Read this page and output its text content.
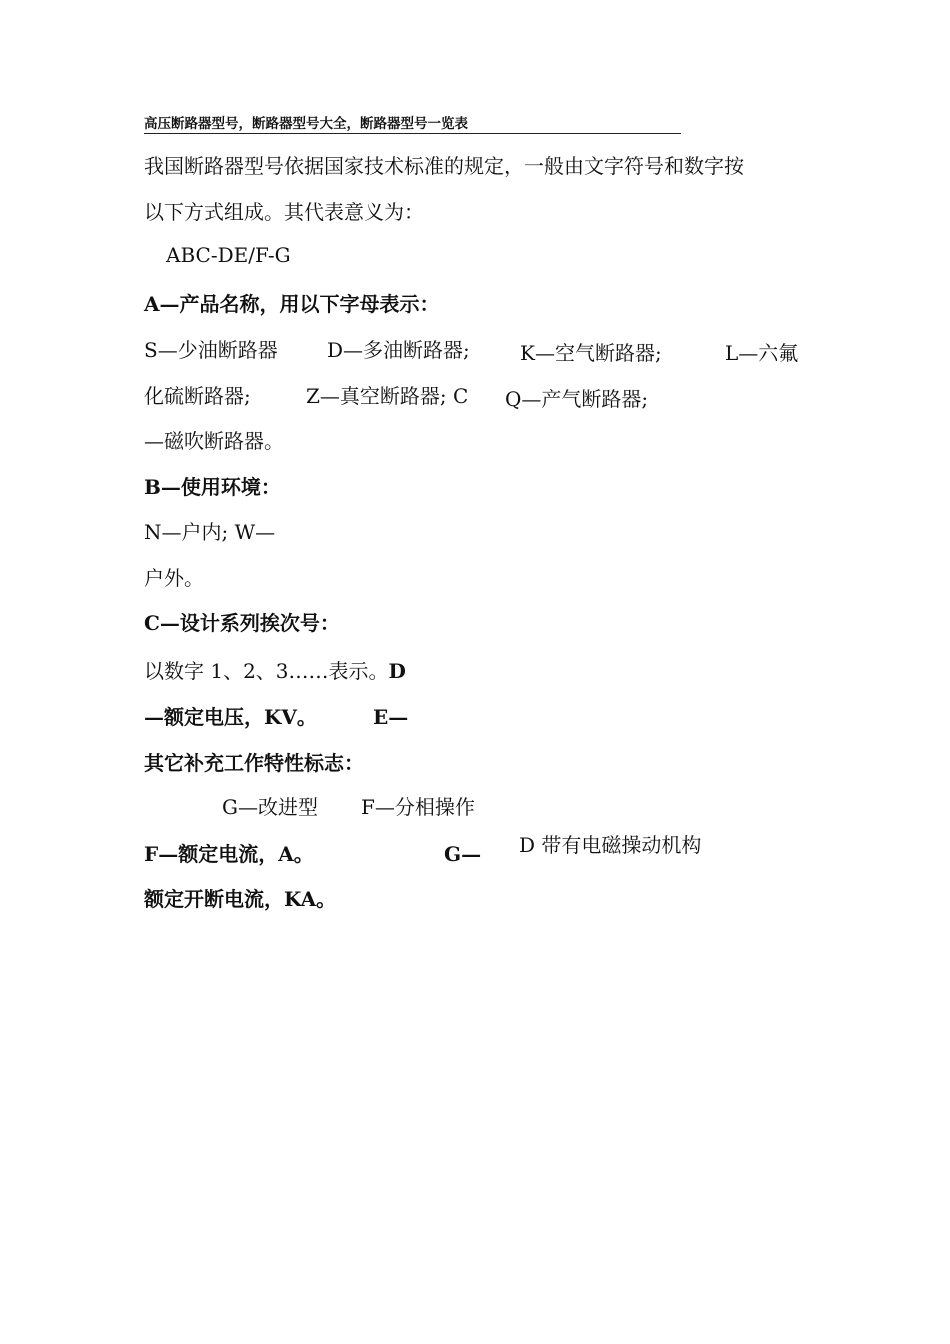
高压断路器型号，断路器型号大全，断路器型号一览表
我国断路器型号依据国家技术标准的规定，一般由文字符号和数字按
以下方式组成。其代表意义为：
ABC-DE/F-G
A—产品名称，用以下字母表示：
S—少油断路器 D—多油断路器;	K—空气断路器;	L—六氟
化硫断路器;	Z—真空断路器; C Q—产气断路器;
—磁吹断路器。
B—使用环境：
N—户内; W—
户外。
C—设计系列挨次号：
以数字 1、2、3……表示。D
—额定电压，KV。	E—
其它补充工作特性标志：
G—改进型 F—分相操作
D 带有电磁操动机构
F—额定电流，A。	G—
额定开断电流，KA。
